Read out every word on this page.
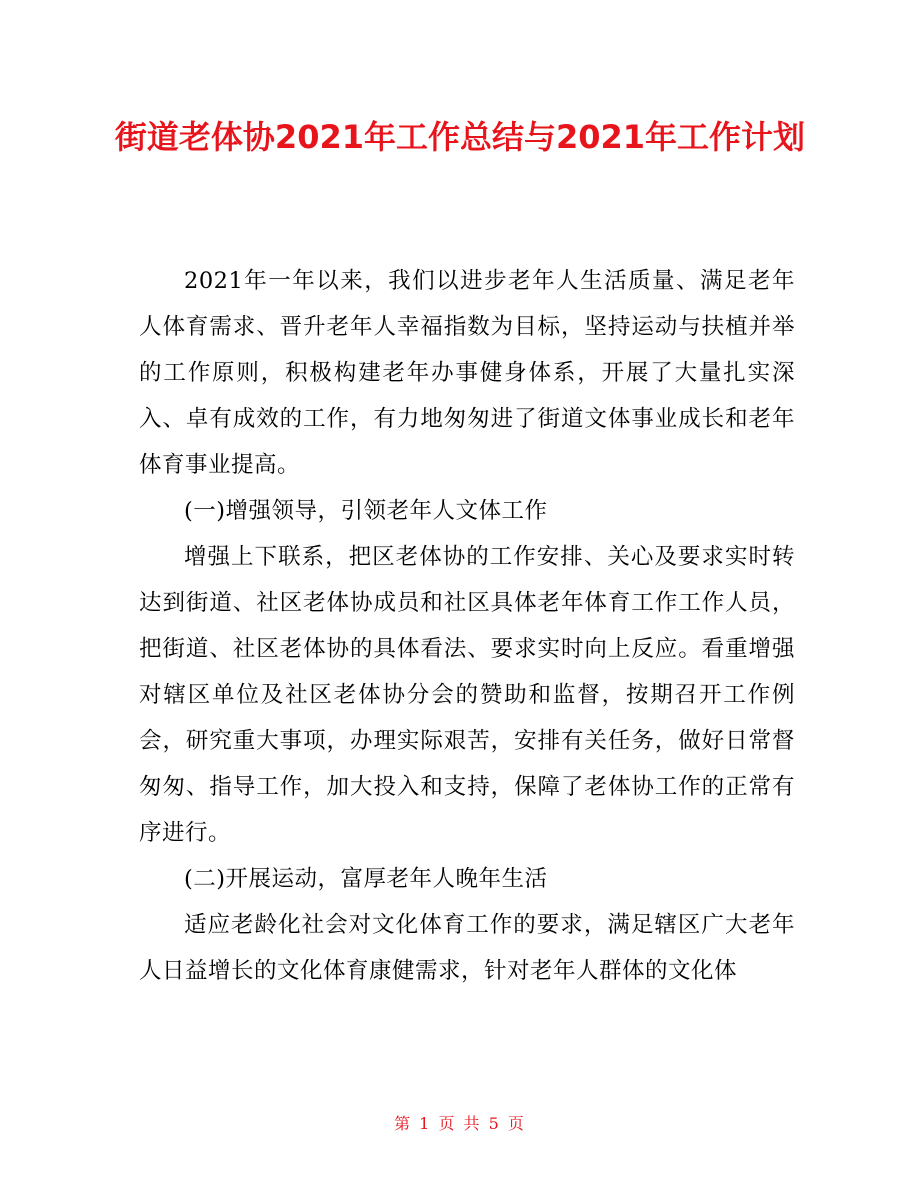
街道老体协2021年工作总结与2021年工作计划

2021年一年以来，我们以进步老年人生活质量、满足老年人体育需求、晋升老年人幸福指数为目标，坚持运动与扶植并举的工作原则，积极构建老年办事健身体系，开展了大量扎实深入、卓有成效的工作，有力地匆匆进了街道文体事业成长和老年体育事业提高。

(一)增强领导，引领老年人文体工作

增强上下联系，把区老体协的工作安排、关心及要求实时转达到街道、社区老体协成员和社区具体老年体育工作工作人员，把街道、社区老体协的具体看法、要求实时向上反应。看重增强对辖区单位及社区老体协分会的赞助和监督，按期召开工作例会，研究重大事项，办理实际艰苦，安排有关任务，做好日常督匆匆、指导工作，加大投入和支持，保障了老体协工作的正常有序进行。

(二)开展运动，富厚老年人晚年生活

适应老龄化社会对文化体育工作的要求，满足辖区广大老年人日益增长的文化体育康健需求，针对老年人群体的文化体

第 1 页 共 5 页
